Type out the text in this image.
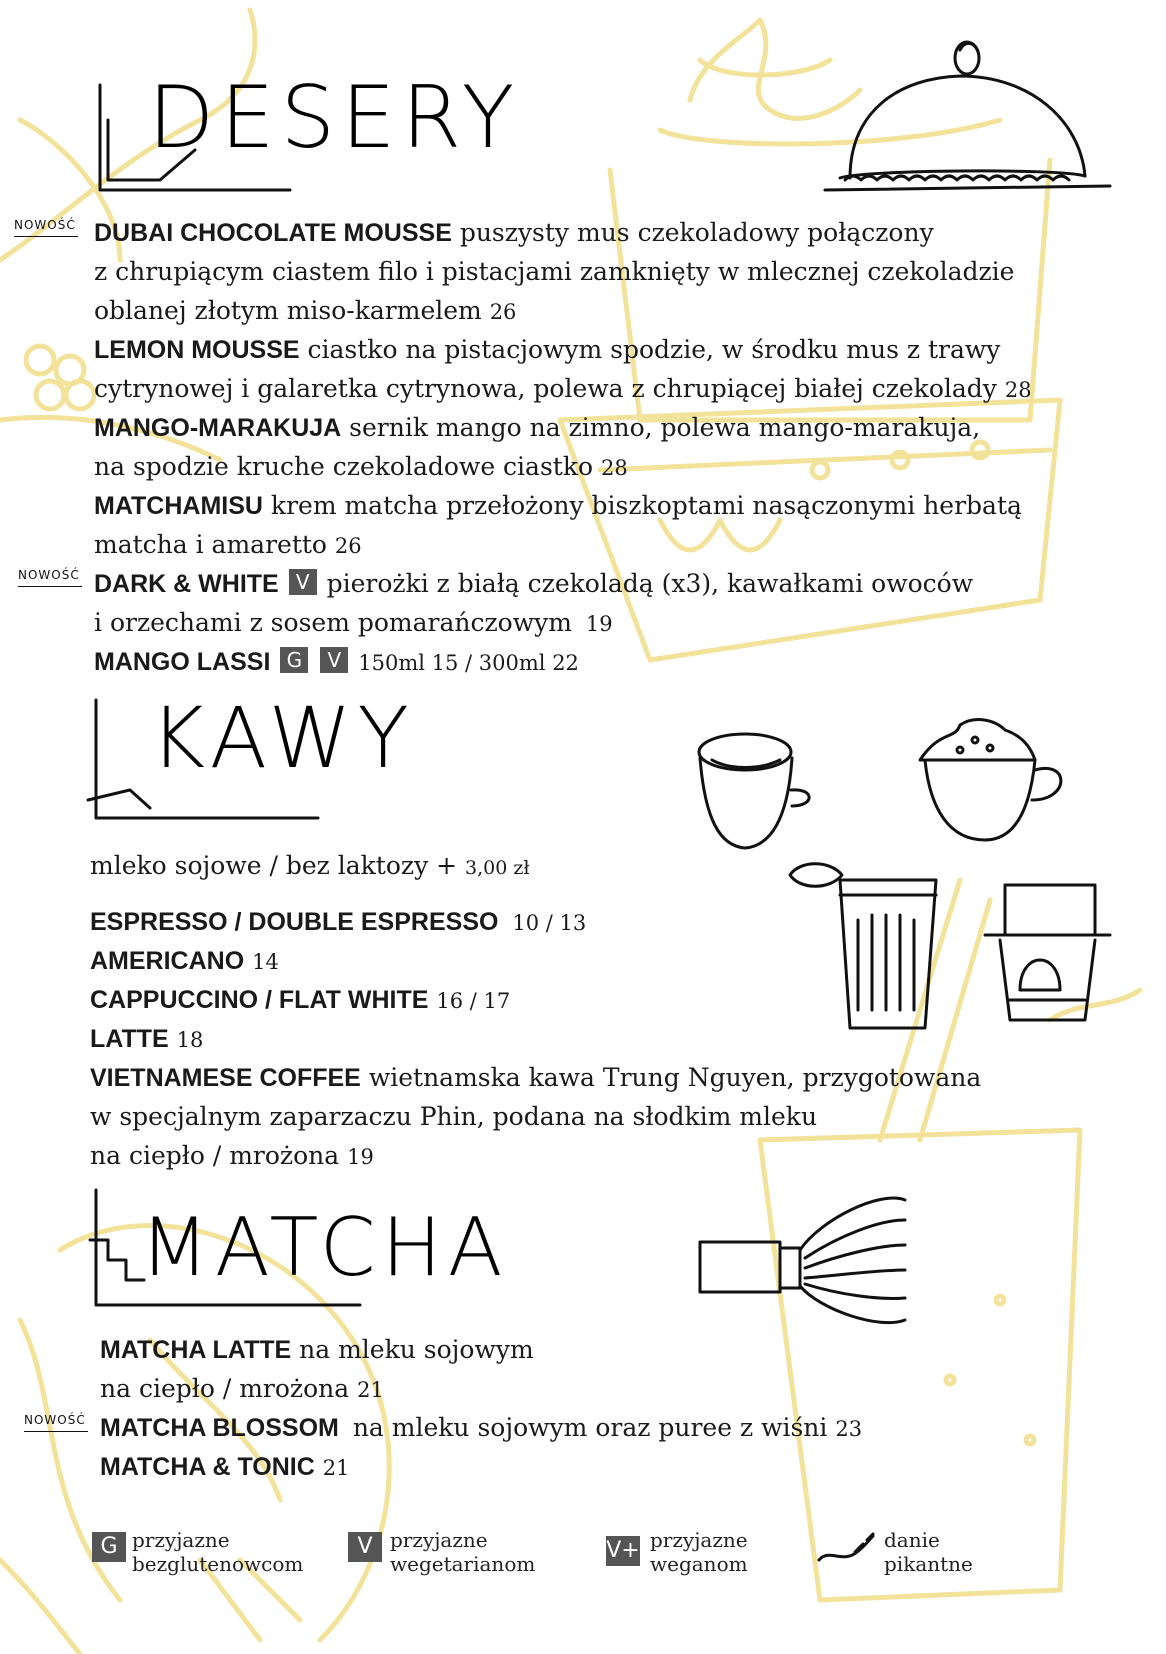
DESERY
KAWY
MATCHA
NOWOŚĆ
NOWOŚĆ
NOWOŚĆ
DUBAI CHOCOLATE MOUSSE puszysty mus czekoladowy połączony
z chrupiącym ciastem filo i pistacjami zamknięty w mlecznej czekoladzie
oblanej złotym miso-karmelem 26
LEMON MOUSSE ciastko na pistacjowym spodzie, w środku mus z trawy
cytrynowej i galaretka cytrynowa, polewa z chrupiącej białej czekolady 28
MANGO-MARAKUJA sernik mango na zimno, polewa mango-marakuja,
na spodzie kruche czekoladowe ciastko 28
MATCHAMISU krem matcha przełożony biszkoptami nasączonymi herbatą
matcha i amaretto 26
DARK & WHITE V pierożki z białą czekoladą (x3), kawałkami owoców
i orzechami z sosem pomarańczowym 19
MANGO LASSI G V 150ml 15 / 300ml 22
mleko sojowe / bez laktozy + 3,00 zł
ESPRESSO / DOUBLE ESPRESSO 10 / 13
AMERICANO 14
CAPPUCCINO / FLAT WHITE 16 / 17
LATTE 18
VIETNAMESE COFFEE wietnamska kawa Trung Nguyen, przygotowana
w specjalnym zaparzaczu Phin, podana na słodkim mleku
na ciepło / mrożona 19
MATCHA LATTE na mleku sojowym
na ciepło / mrożona 21
MATCHA BLOSSOM na mleku sojowym oraz puree z wiśni 23
MATCHA & TONIC 21
G przyjazne
bezglutenowcom
V przyjazne
wegetarianom
V+ przyjazne
weganom
danie
pikantne
